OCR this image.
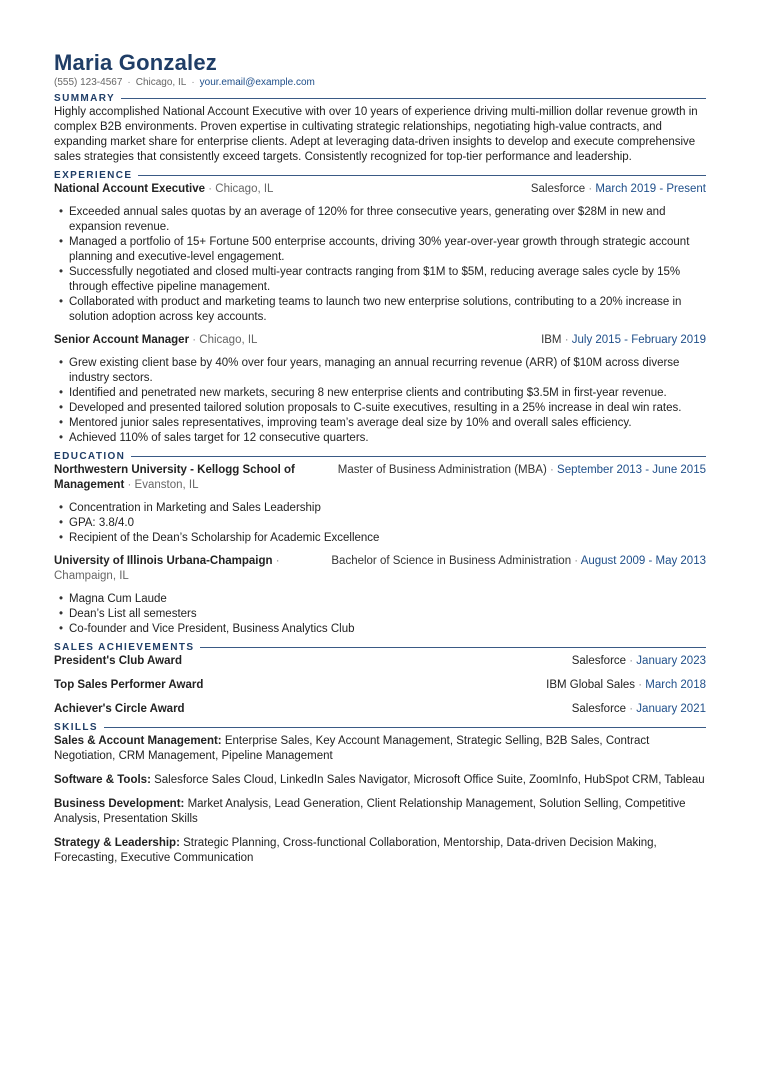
Maria Gonzalez
(555) 123-4567 · Chicago, IL · your.email@example.com
SUMMARY
Highly accomplished National Account Executive with over 10 years of experience driving multi-million dollar revenue growth in complex B2B environments. Proven expertise in cultivating strategic relationships, negotiating high-value contracts, and expanding market share for enterprise clients. Adept at leveraging data-driven insights to develop and execute comprehensive sales strategies that consistently exceed targets. Consistently recognized for top-tier performance and leadership.
EXPERIENCE
National Account Executive · Chicago, IL	Salesforce · March 2019 - Present
• Exceeded annual sales quotas by an average of 120% for three consecutive years, generating over $28M in new and expansion revenue.
• Managed a portfolio of 15+ Fortune 500 enterprise accounts, driving 30% year-over-year growth through strategic account planning and executive-level engagement.
• Successfully negotiated and closed multi-year contracts ranging from $1M to $5M, reducing average sales cycle by 15% through effective pipeline management.
• Collaborated with product and marketing teams to launch two new enterprise solutions, contributing to a 20% increase in solution adoption across key accounts.
Senior Account Manager · Chicago, IL	IBM · July 2015 - February 2019
• Grew existing client base by 40% over four years, managing an annual recurring revenue (ARR) of $10M across diverse industry sectors.
• Identified and penetrated new markets, securing 8 new enterprise clients and contributing $3.5M in first-year revenue.
• Developed and presented tailored solution proposals to C-suite executives, resulting in a 25% increase in deal win rates.
• Mentored junior sales representatives, improving team’s average deal size by 10% and overall sales efficiency.
• Achieved 110% of sales target for 12 consecutive quarters.
EDUCATION
Northwestern University - Kellogg School of Management · Evanston, IL
Master of Business Administration (MBA) · September 2013 - June 2015
• Concentration in Marketing and Sales Leadership
• GPA: 3.8/4.0
• Recipient of the Dean’s Scholarship for Academic Excellence
University of Illinois Urbana-Champaign · Champaign, IL
Bachelor of Science in Business Administration · August 2009 - May 2013
• Magna Cum Laude
• Dean’s List all semesters
• Co-founder and Vice President, Business Analytics Club
SALES ACHIEVEMENTS
President's Club Award	Salesforce · January 2023
Top Sales Performer Award	IBM Global Sales · March 2018
Achiever's Circle Award	Salesforce · January 2021
SKILLS
Sales & Account Management: Enterprise Sales, Key Account Management, Strategic Selling, B2B Sales, Contract Negotiation, CRM Management, Pipeline Management
Software & Tools: Salesforce Sales Cloud, LinkedIn Sales Navigator, Microsoft Office Suite, ZoomInfo, HubSpot CRM, Tableau
Business Development: Market Analysis, Lead Generation, Client Relationship Management, Solution Selling, Competitive Analysis, Presentation Skills
Strategy & Leadership: Strategic Planning, Cross-functional Collaboration, Mentorship, Data-driven Decision Making, Forecasting, Executive Communication
